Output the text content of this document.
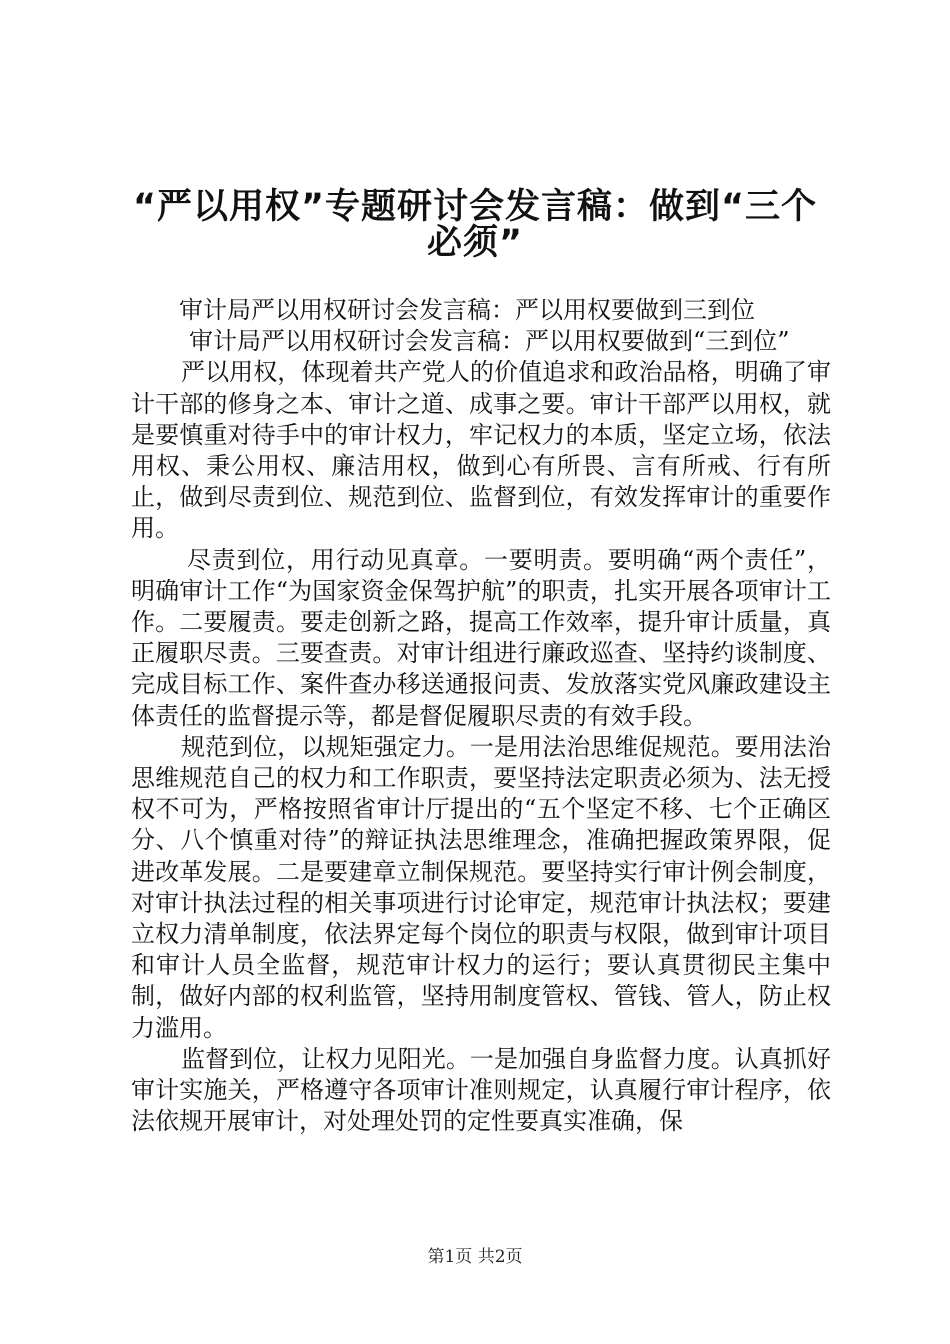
“严以用权”专题研讨会发言稿：做到“三个
必须”

审计局严以用权研讨会发言稿：严以用权要做到三到位

审计局严以用权研讨会发言稿：严以用权要做到“三到位”

严以用权，体现着共产党人的价值追求和政治品格，明确了审计干部的修身之本、审计之道、成事之要。审计干部严以用权，就是要慎重对待手中的审计权力，牢记权力的本质，坚定立场，依法用权、秉公用权、廉洁用权，做到心有所畏、言有所戒、行有所止，做到尽责到位、规范到位、监督到位，有效发挥审计的重要作用。

尽责到位，用行动见真章。一要明责。要明确“两个责任”，明确审计工作“为国家资金保驾护航”的职责，扎实开展各项审计工作。二要履责。要走创新之路，提高工作效率，提升审计质量，真正履职尽责。三要查责。对审计组进行廉政巡查、坚持约谈制度、完成目标工作、案件查办移送通报问责、发放落实党风廉政建设主体责任的监督提示等，都是督促履职尽责的有效手段。

规范到位，以规矩强定力。一是用法治思维促规范。要用法治思维规范自己的权力和工作职责，要坚持法定职责必须为、法无授权不可为，严格按照省审计厅提出的“五个坚定不移、七个正确区分、八个慎重对待”的辩证执法思维理念，准确把握政策界限，促进改革发展。二是要建章立制保规范。要坚持实行审计例会制度，对审计执法过程的相关事项进行讨论审定，规范审计执法权；要建立权力清单制度，依法界定每个岗位的职责与权限，做到审计项目和审计人员全监督，规范审计权力的运行；要认真贯彻民主集中制，做好内部的权利监管，坚持用制度管权、管钱、管人，防止权力滥用。

监督到位，让权力见阳光。一是加强自身监督力度。认真抓好审计实施关，严格遵守各项审计准则规定，认真履行审计程序，依法依规开展审计，对处理处罚的定性要真实准确，保

第1页 共2页
